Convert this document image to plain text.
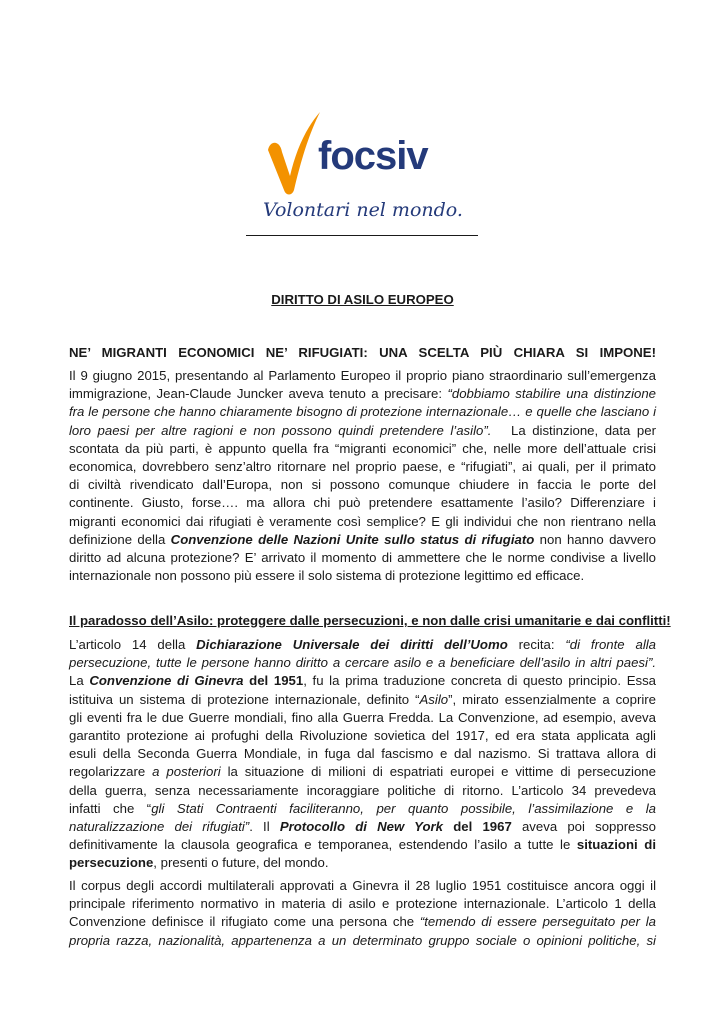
focsiv
Volontari nel mondo.
DIRITTO DI ASILO EUROPEO
NE’ MIGRANTI ECONOMICI NE’ RIFUGIATI: UNA SCELTA PIÙ CHIARA SI IMPONE!
Il 9 giugno 2015, presentando al Parlamento Europeo il proprio piano straordinario sull’emergenza
immigrazione, Jean-Claude Juncker aveva tenuto a precisare: “dobbiamo stabilire una distinzione
fra le persone che hanno chiaramente bisogno di protezione internazionale… e quelle che lasciano i
loro paesi per altre ragioni e non possono quindi pretendere l’asilo”. La distinzione, data per
scontata da più parti, è appunto quella fra “migranti economici” che, nelle more dell’attuale crisi
economica, dovrebbero senz’altro ritornare nel proprio paese, e “rifugiati”, ai quali, per il primato
di civiltà rivendicato dall’Europa, non si possono comunque chiudere in faccia le porte del
continente. Giusto, forse…. ma allora chi può pretendere esattamente l’asilo? Differenziare i
migranti economici dai rifugiati è veramente così semplice? E gli individui che non rientrano nella
definizione della Convenzione delle Nazioni Unite sullo status di rifugiato non hanno davvero
diritto ad alcuna protezione? E’ arrivato il momento di ammettere che le norme condivise a livello
internazionale non possono più essere il solo sistema di protezione legittimo ed efficace.
Il paradosso dell’Asilo: proteggere dalle persecuzioni, e non dalle crisi umanitarie e dai conflitti!
L’articolo 14 della Dichiarazione Universale dei diritti dell’Uomo recita: “di fronte alla
persecuzione, tutte le persone hanno diritto a cercare asilo e a beneficiare dell’asilo in altri paesi”.
La Convenzione di Ginevra del 1951, fu la prima traduzione concreta di questo principio. Essa
istituiva un sistema di protezione internazionale, definito “Asilo”, mirato essenzialmente a coprire
gli eventi fra le due Guerre mondiali, fino alla Guerra Fredda. La Convenzione, ad esempio, aveva
garantito protezione ai profughi della Rivoluzione sovietica del 1917, ed era stata applicata agli
esuli della Seconda Guerra Mondiale, in fuga dal fascismo e dal nazismo. Si trattava allora di
regolarizzare a posteriori la situazione di milioni di espatriati europei e vittime di persecuzione
della guerra, senza necessariamente incoraggiare politiche di ritorno. L’articolo 34 prevedeva
infatti che “gli Stati Contraenti faciliteranno, per quanto possibile, l’assimilazione e la
naturalizzazione dei rifugiati”. Il Protocollo di New York del 1967 aveva poi soppresso
definitivamente la clausola geografica e temporanea, estendendo l’asilo a tutte le situazioni di
persecuzione, presenti o future, del mondo.
Il corpus degli accordi multilaterali approvati a Ginevra il 28 luglio 1951 costituisce ancora oggi il
principale riferimento normativo in materia di asilo e protezione internazionale. L’articolo 1 della
Convenzione definisce il rifugiato come una persona che “temendo di essere perseguitato per la
propria razza, nazionalità, appartenenza a un determinato gruppo sociale o opinioni politiche, si
